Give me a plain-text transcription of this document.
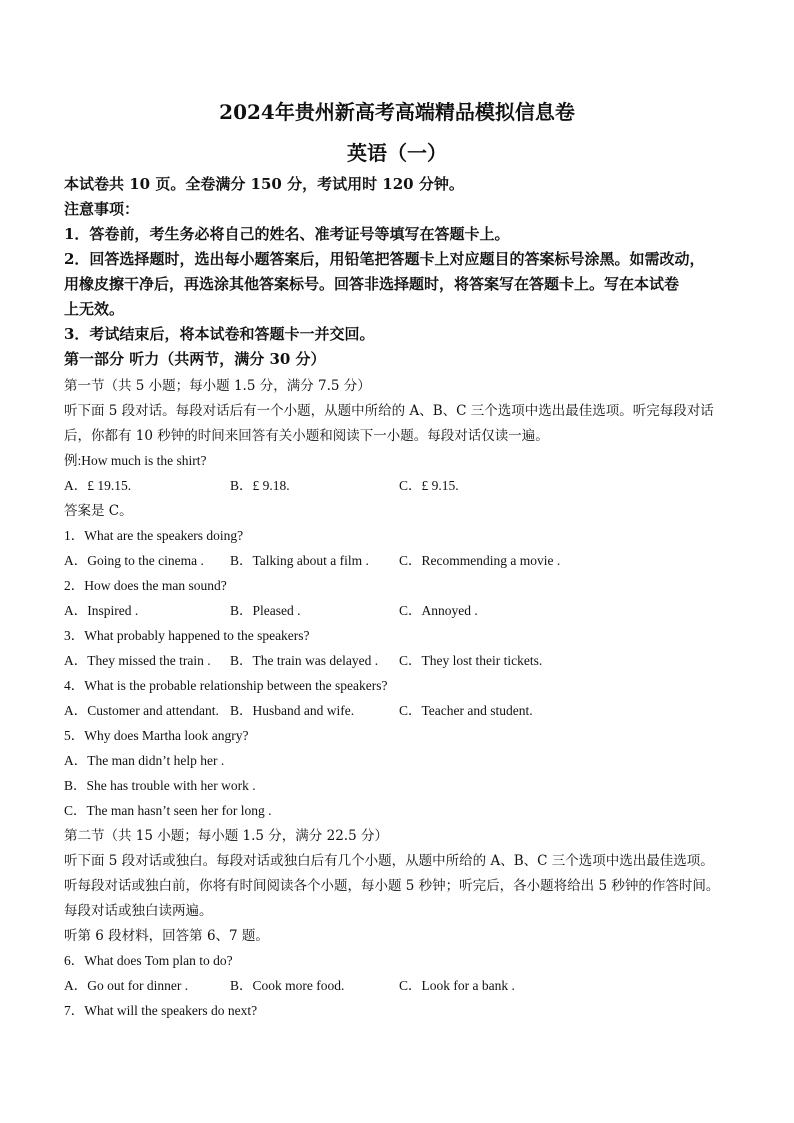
2024年贵州新高考高端精品模拟信息卷
英语（一）
本试卷共 10 页。全卷满分 150 分，考试用时 120 分钟。
注意事项：
1．答卷前，考生务必将自己的姓名、准考证号等填写在答题卡上。
2．回答选择题时，选出每小题答案后，用铅笔把答题卡上对应题目的答案标号涂黑。如需改动，
用橡皮擦干净后，再选涂其他答案标号。回答非选择题时，将答案写在答题卡上。写在本试卷
上无效。
3．考试结束后，将本试卷和答题卡一并交回。
第一部分 听力（共两节，满分 30 分）
第一节（共 5 小题；每小题 1.5 分，满分 7.5 分）
听下面 5 段对话。每段对话后有一个小题，从题中所给的 A、B、C 三个选项中选出最佳选项。听完每段对话
后，你都有 10 秒钟的时间来回答有关小题和阅读下一小题。每段对话仅读一遍。
例:How much is the shirt?
A．£ 19.15.	B．£ 9.18.	C．£ 9.15.
答案是 C。
1．What are the speakers doing?
A．Going to the cinema . B．Talking about a film . C．Recommending a movie .
2．How does the man sound?
A．Inspired .	B．Pleased .	C．Annoyed .
3．What probably happened to the speakers?
A．They missed the train . B．The train was delayed . C．They lost their tickets.
4．What is the probable relationship between the speakers?
A．Customer and attendant. B．Husband and wife.	C．Teacher and student.
5．Why does Martha look angry?
A．The man didn’t help her .
B．She has trouble with her work .
C．The man hasn’t seen her for long .
第二节（共 15 小题；每小题 1.5 分，满分 22.5 分）
听下面 5 段对话或独白。每段对话或独白后有几个小题，从题中所给的 A、B、C 三个选项中选出最佳选项。
听每段对话或独白前，你将有时间阅读各个小题，每小题 5 秒钟；听完后，各小题将给出 5 秒钟的作答时间。
每段对话或独白读两遍。
听第 6 段材料，回答第 6、7 题。
6．What does Tom plan to do?
A．Go out for dinner .	B．Cook more food.	C．Look for a bank .
7．What will the speakers do next?
